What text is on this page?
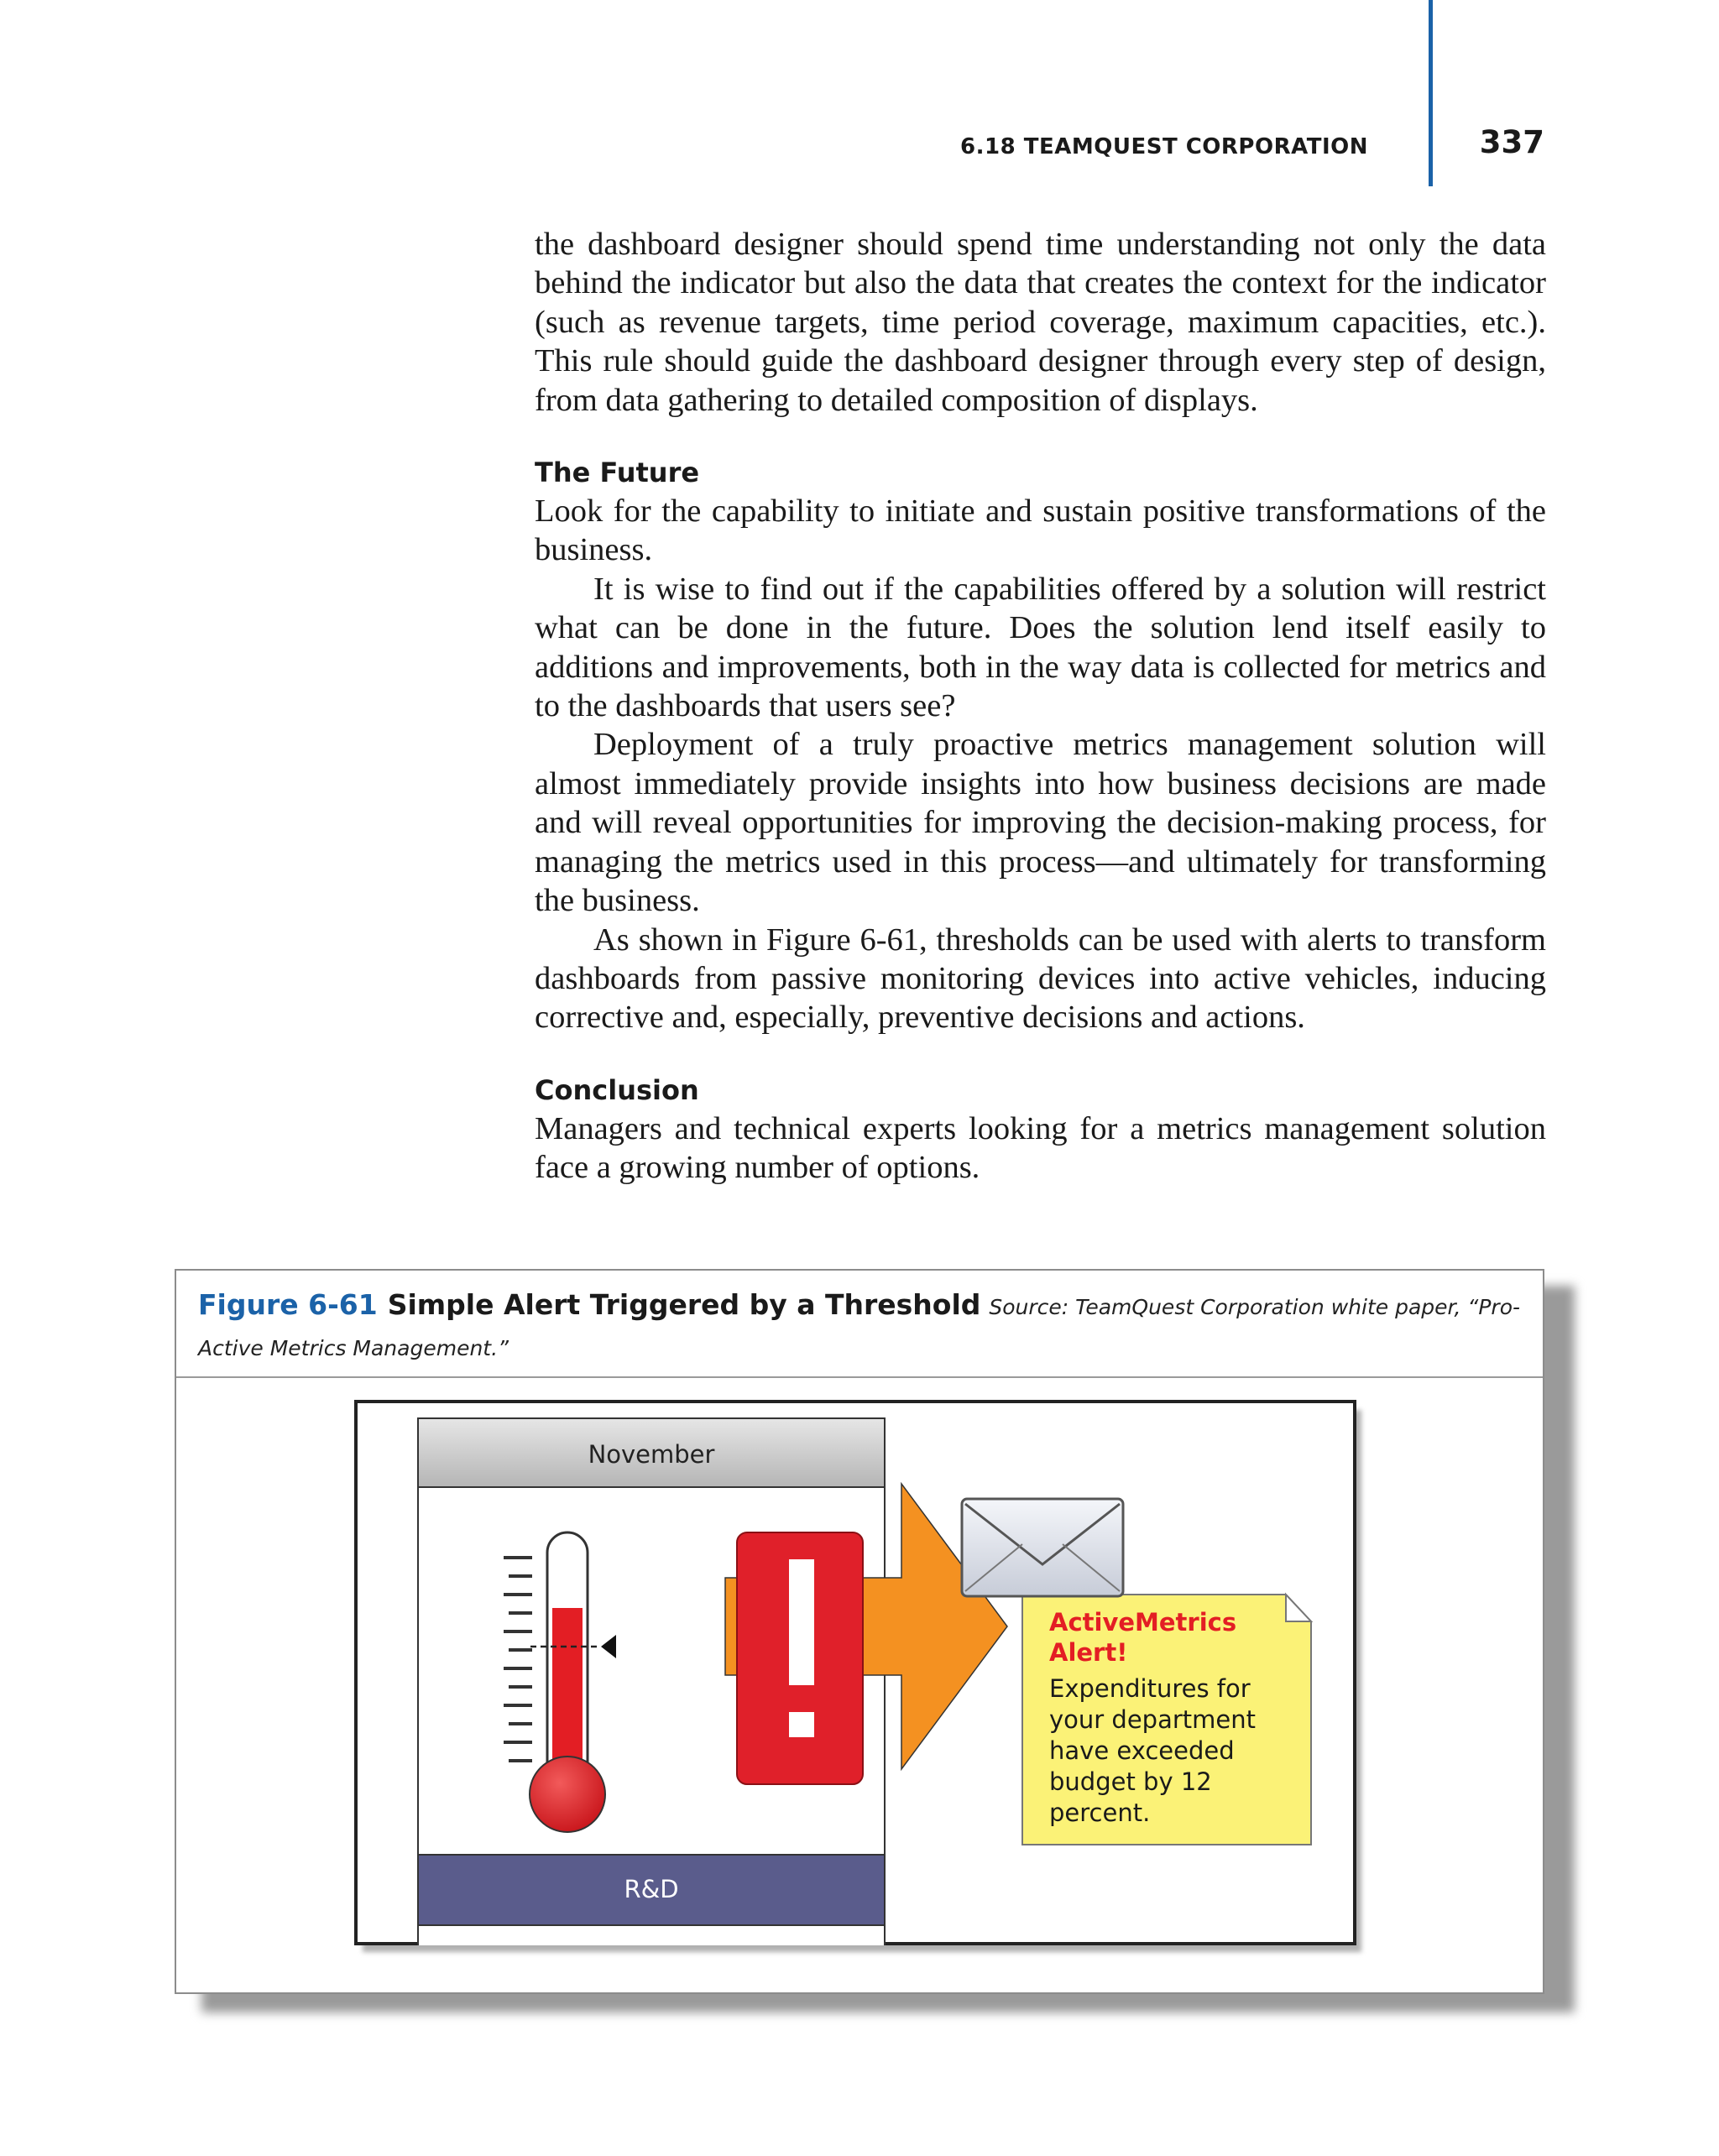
6.18 TEAMQUEST CORPORATION	337

the dashboard designer should spend time understanding not only the data behind the indicator but also the data that creates the context for the indicator (such as revenue targets, time period coverage, maximum capacities, etc.). This rule should guide the dashboard designer through every step of design, from data gathering to detailed composition of displays.

The Future

Look for the capability to initiate and sustain positive transformations of the business.

It is wise to find out if the capabilities offered by a solution will restrict what can be done in the future. Does the solution lend itself easily to additions and improvements, both in the way data is collected for metrics and to the dashboards that users see?

Deployment of a truly proactive metrics management solution will almost immediately provide insights into how business decisions are made and will reveal opportunities for improving the decision-making process, for managing the metrics used in this process—and ultimately for transforming the business.

As shown in Figure 6-61, thresholds can be used with alerts to transform dashboards from passive monitoring devices into active vehicles, inducing corrective and, especially, preventive decisions and actions.

Conclusion

Managers and technical experts looking for a metrics management solution face a growing number of options.

Figure 6-61 Simple Alert Triggered by a Threshold Source: TeamQuest Corporation white paper, “Pro-Active Metrics Management.”
November
R&D
ActiveMetrics
Alert!
Expenditures for
your department
have exceeded
budget by 12
percent.
